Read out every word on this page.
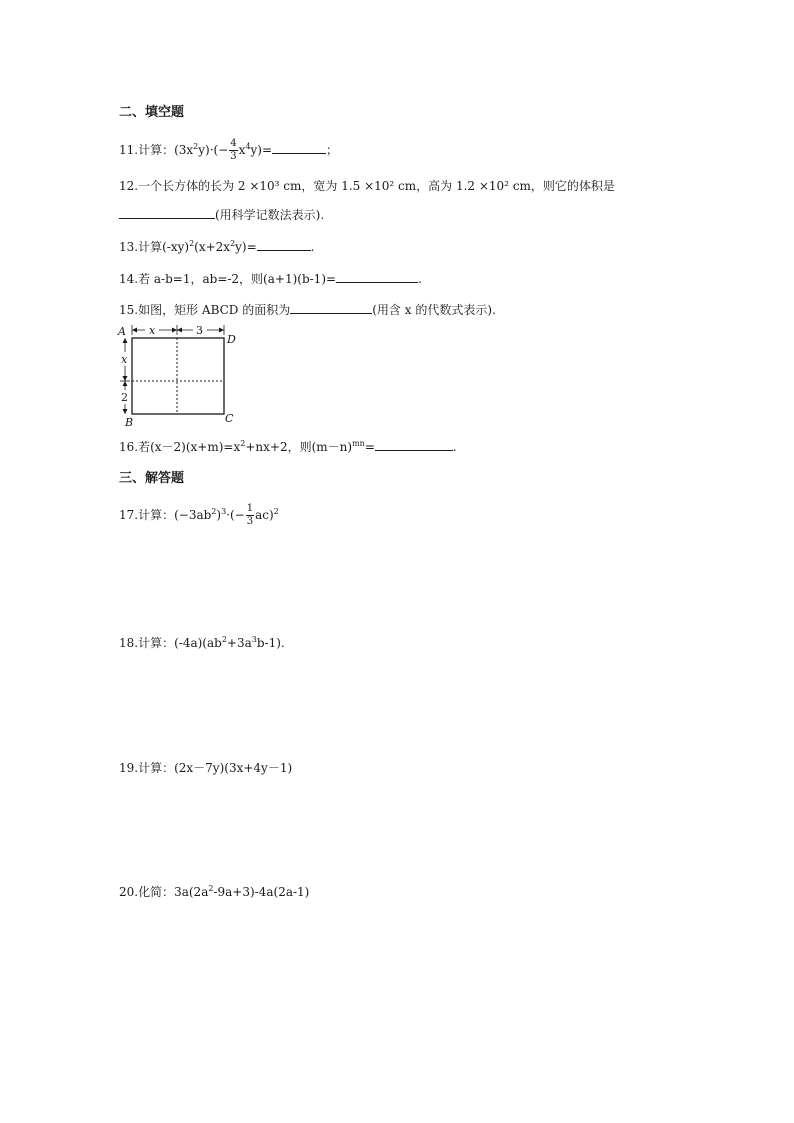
二、填空题
11.计算：$(3x^2y)\cdot(- \frac{4}{3} x^4y)=$	；
12.一个长方体的长为 2 ×10³ cm，宽为 1.5 ×10² cm，高为 1.2 ×10² cm，则它的体积是
(用科学记数法表示).
13.计算$(-xy)^2(x+2x^2y)=$	.
14.若 a-b=1，ab=-2，则(a+1)(b-1)=	.
15.如图，矩形 ABCD 的面积为	(用含 x 的代数式表示).
x	3
x
2
A
D
B	C
16.若$(x-2)(x+m)=x^2+nx+2$，则$(m-n)^{mn}=$	.
三、解答题
17.计算：$(-3ab^2)^3\cdot(- \frac{1}{3} ac)^2$
18.计算：$(-4a)(ab^2+3a^3b-1)$.
19.计算：(2x－7y)(3x+4y－1)
20.化简：$3a(2a^2-9a+3)-4a(2a-1)$
